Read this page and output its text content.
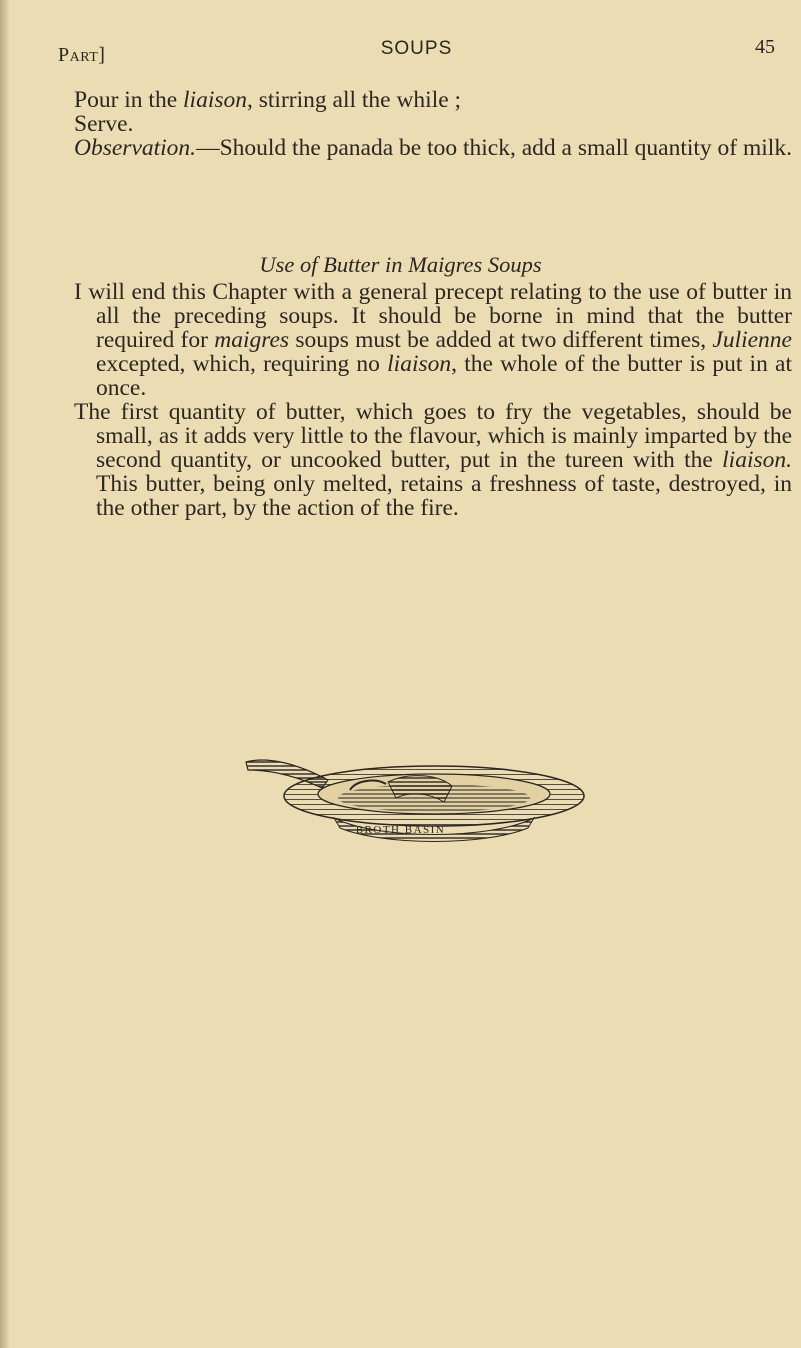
Part]	SOUPS	45
Pour in the liaison, stirring all the while ;
Serve.

Observation.—Should the panada be too thick, add a small quantity of milk.

Use of Butter in Maigres Soups

I will end this Chapter with a general precept relating to the use of butter in all the preceding soups. It should be borne in mind that the butter required for maigres soups must be added at two different times, Julienne excepted, which, requiring no liaison, the whole of the butter is put in at once.

The first quantity of butter, which goes to fry the vegetables, should be small, as it adds very little to the flavour, which is mainly imparted by the second quantity, or uncooked butter, put in the tureen with the liaison. This butter, being only melted, retains a freshness of taste, destroyed, in the other part, by the action of the fire.

BROTH BASIN
